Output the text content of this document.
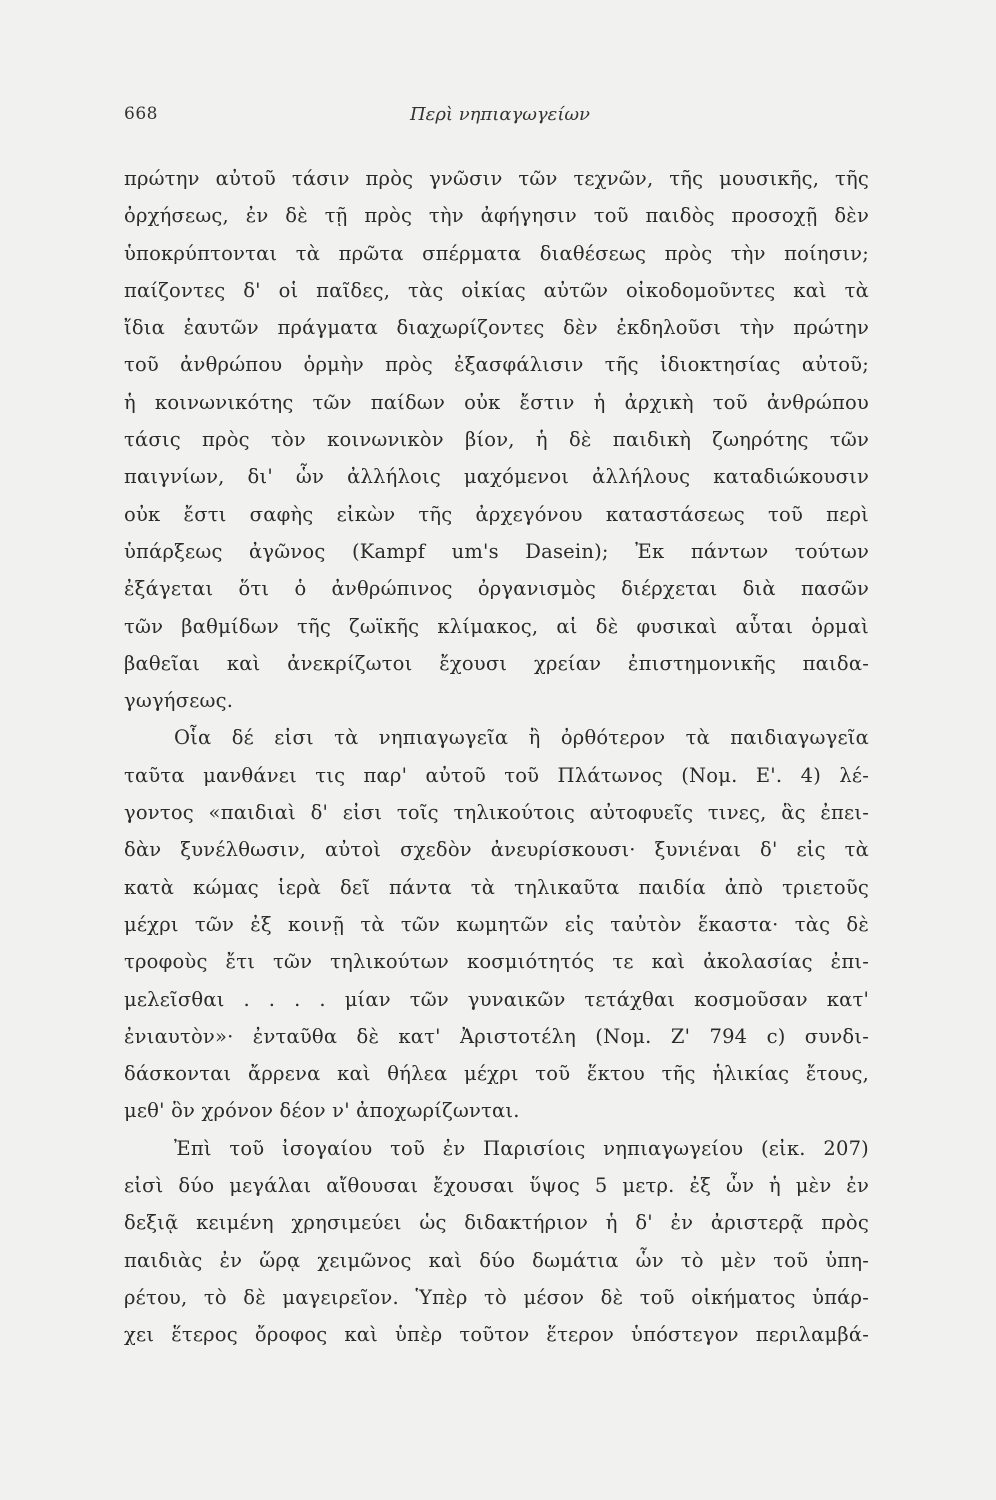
668	Περὶ νηπιαγωγείων
πρώτην αὐτοῦ τάσιν πρὸς γνῶσιν τῶν τεχνῶν, τῆς μουσικῆς, τῆς
ὀρχήσεως, ἐν δὲ τῇ πρὸς τὴν ἀφήγησιν τοῦ παιδὸς προσοχῇ δὲν
ὑποκρύπτονται τὰ πρῶτα σπέρματα διαθέσεως πρὸς τὴν ποίησιν;
παίζοντες δ' οἱ παῖδες, τὰς οἰκίας αὐτῶν οἰκοδομοῦντες καὶ τὰ
ἴδια ἑαυτῶν πράγματα διαχωρίζοντες δὲν ἐκδηλοῦσι τὴν πρώτην
τοῦ ἀνθρώπου ὁρμὴν πρὸς ἐξασφάλισιν τῆς ἰδιοκτησίας αὐτοῦ;
ἡ κοινωνικότης τῶν παίδων οὐκ ἔστιν ἡ ἀρχικὴ τοῦ ἀνθρώπου
τάσις πρὸς τὸν κοινωνικὸν βίον, ἡ δὲ παιδικὴ ζωηρότης τῶν
παιγνίων, δι' ὧν ἀλλήλοις μαχόμενοι ἀλλήλους καταδιώκουσιν
οὐκ ἔστι σαφὴς εἰκὼν τῆς ἀρχεγόνου καταστάσεως τοῦ περὶ
ὑπάρξεως ἀγῶνος (Kampf um's Dasein); Ἐκ πάντων τούτων
ἐξάγεται ὅτι ὁ ἀνθρώπινος ὀργανισμὸς διέρχεται διὰ πασῶν
τῶν βαθμίδων τῆς ζωϊκῆς κλίμακος, αἱ δὲ φυσικαὶ αὗται ὁρμαὶ
βαθεῖαι καὶ ἀνεκρίζωτοι ἔχουσι χρείαν ἐπιστημονικῆς παιδα-
γωγήσεως.
Οἷα δέ εἰσι τὰ νηπιαγωγεῖα ἢ ὀρθότερον τὰ παιδιαγωγεῖα
ταῦτα μανθάνει τις παρ' αὐτοῦ τοῦ Πλάτωνος (Νομ. Ε'. 4) λέ-
γοντος «παιδιαὶ δ' εἰσι τοῖς τηλικούτοις αὐτοφυεῖς τινες, ἃς ἐπει-
δὰν ξυνέλθωσιν, αὐτοὶ σχεδὸν ἀνευρίσκουσι· ξυνιέναι δ' εἰς τὰ
κατὰ κώμας ἱερὰ δεῖ πάντα τὰ τηλικαῦτα παιδία ἀπὸ τριετοῦς
μέχρι τῶν ἐξ κοινῇ τὰ τῶν κωμητῶν εἰς ταὐτὸν ἕκαστα· τὰς δὲ
τροφοὺς ἔτι τῶν τηλικούτων κοσμιότητός τε καὶ ἀκολασίας ἐπι-
μελεῖσθαι . . . . μίαν τῶν γυναικῶν τετάχθαι κοσμοῦσαν κατ'
ἐνιαυτὸν»· ἐνταῦθα δὲ κατ' Ἀριστοτέλη (Νομ. Ζ' 794 c) συνδι-
δάσκονται ἄρρενα καὶ θήλεα μέχρι τοῦ ἕκτου τῆς ἡλικίας ἔτους,
μεθ' ὃν χρόνον δέον ν' ἀποχωρίζωνται.
Ἐπὶ τοῦ ἰσογαίου τοῦ ἐν Παρισίοις νηπιαγωγείου (εἰκ. 207)
εἰσὶ δύο μεγάλαι αἴθουσαι ἔχουσαι ὕψος 5 μετρ. ἐξ ὧν ἡ μὲν ἐν
δεξιᾷ κειμένη χρησιμεύει ὡς διδακτήριον ἡ δ' ἐν ἀριστερᾷ πρὸς
παιδιὰς ἐν ὥρᾳ χειμῶνος καὶ δύο δωμάτια ὧν τὸ μὲν τοῦ ὑπη-
ρέτου, τὸ δὲ μαγειρεῖον. Ὑπὲρ τὸ μέσον δὲ τοῦ οἰκήματος ὑπάρ-
χει ἕτερος ὄροφος καὶ ὑπὲρ τοῦτον ἕτερον ὑπόστεγον περιλαμβά-
